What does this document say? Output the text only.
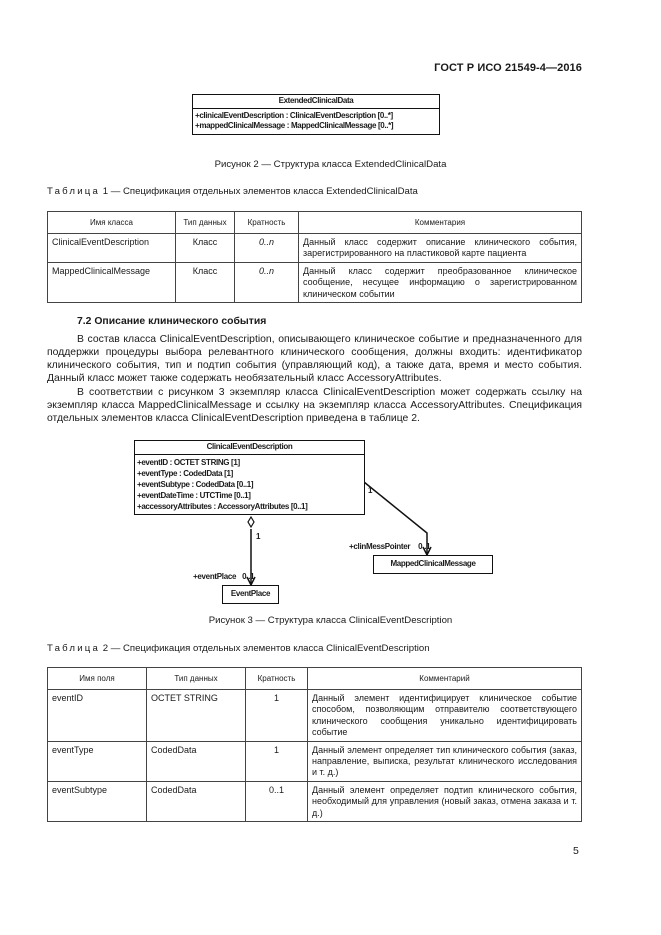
ГОСТ Р ИСО 21549-4—2016
ExtendedClinicalData
+clinicalEventDescription : ClinicalEventDescription [0..*]
+mappedClinicalMessage : MappedClinicalMessage [0..*]
Рисунок 2 — Структура класса ExtendedClinicalData
Таблица 1 — Спецификация отдельных элементов класса ExtendedClinicalData
Имя класса	Тип данных	Кратность	Комментария
ClinicalEventDescription	Класс	0..n	Данный класс содержит описание клинического события, зарегистрированного на пластиковой карте пациента
MappedClinicalMessage	Класс	0..n	Данный класс содержит преобразованное клиническое сообщение, несущее информацию о зарегистрированном клиническом событии
7.2 Описание клинического события
В состав класса ClinicalEventDescription, описывающего клиническое событие и предназначенного для поддержки процедуры выбора релевантного клинического сообщения, должны входить: идентификатор клинического события, тип и подтип события (управляющий код), а также дата, время и место события. Данный класс может также содержать необязательный класс AccessoryAttributes.
В соответствии с рисунком 3 экземпляр класса ClinicalEventDescription может содержать ссылку на экземпляр класса MappedClinicalMessage и ссылку на экземпляр класса AccessoryAttributes. Спецификация отдельных элементов класса ClinicalEventDescription приведена в таблице 2.
ClinicalEventDescription
+eventID : OCTET STRING [1]
+eventType : CodedData [1]
+eventSubtype : CodedData [0..1]
+eventDateTime : UTCTime [0..1]
+accessoryAttributes : AccessoryAttributes [0..1]
MappedClinicalMessage
EventPlace
1
1
+clinMessPointer 0..1
+eventPlace 0..1
Рисунок 3 — Структура класса ClinicalEventDescription
Таблица 2 — Спецификация отдельных элементов класса ClinicalEventDescription
Имя поля	Тип данных	Кратность	Комментарий
eventID	OCTET STRING	1	Данный элемент идентифицирует клиническое событие способом, позволяющим отправителю соответствующего клинического сообщения уникально идентифицировать событие
eventType	CodedData	1	Данный элемент определяет тип клинического события (заказ, направление, выписка, результат клинического исследования и т. д.)
eventSubtype	CodedData	0..1	Данный элемент определяет подтип клинического события, необходимый для управления (новый заказ, отмена заказа и т. д.)
5
